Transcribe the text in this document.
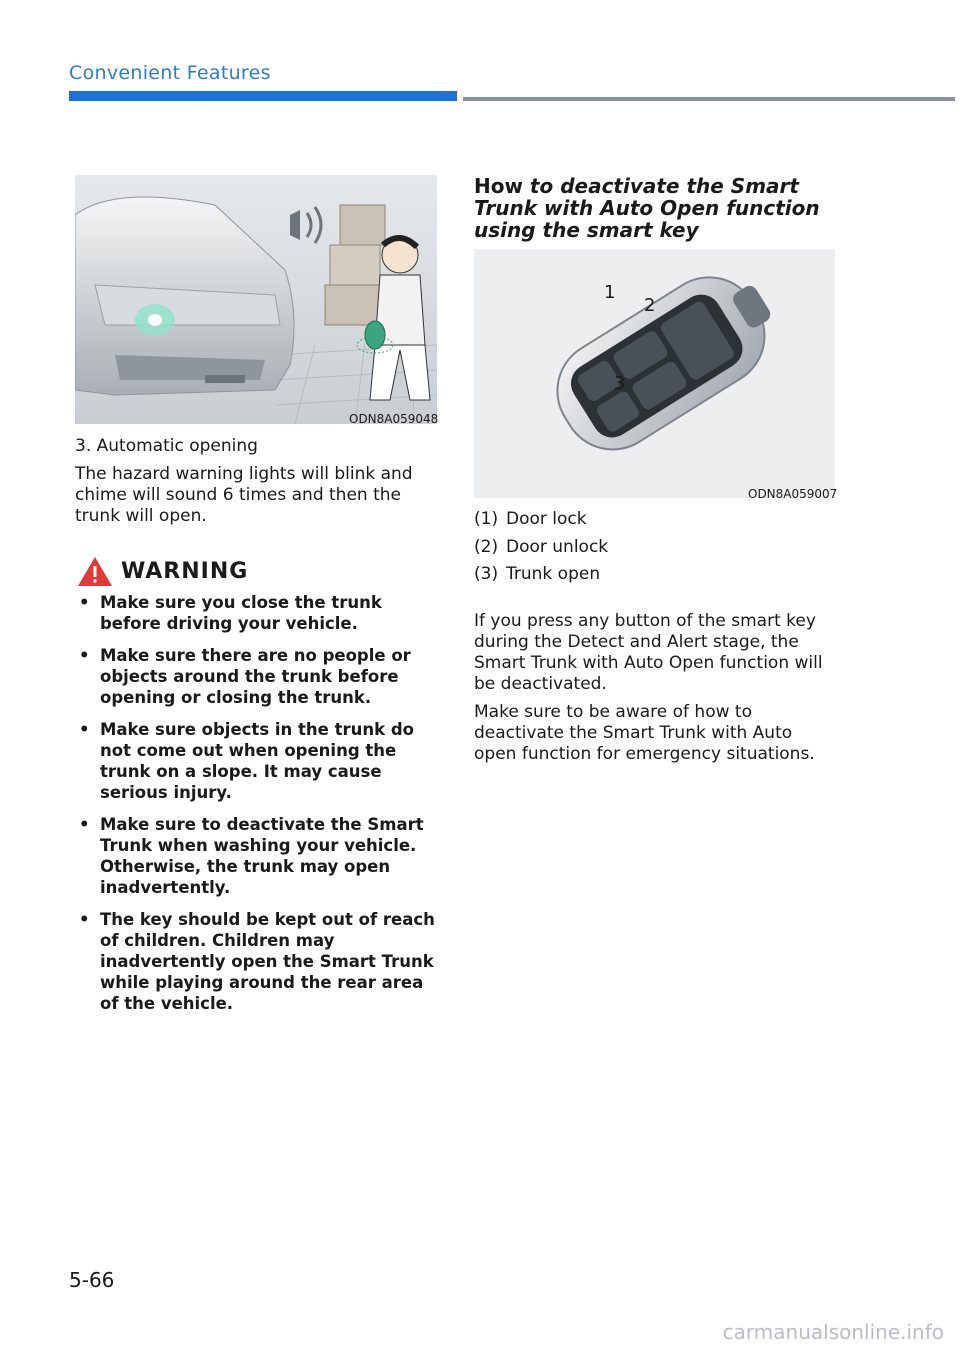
Convenient Features
ODN8A059048
3. Automatic opening
The hazard warning lights will blink and chime will sound 6 times and then the trunk will open.
WARNING
• Make sure you close the trunk before driving your vehicle.
• Make sure there are no people or objects around the trunk before opening or closing the trunk.
• Make sure objects in the trunk do not come out when opening the trunk on a slope. It may cause serious injury.
• Make sure to deactivate the Smart Trunk when washing your vehicle. Otherwise, the trunk may open inadvertently.
• The key should be kept out of reach of children. Children may inadvertently open the Smart Trunk while playing around the rear area of the vehicle.
How to deactivate the Smart Trunk with Auto Open function using the smart key
1
2
3
ODN8A059007
(1) Door lock
(2) Door unlock
(3) Trunk open
If you press any button of the smart key during the Detect and Alert stage, the Smart Trunk with Auto Open function will be deactivated.
Make sure to be aware of how to deactivate the Smart Trunk with Auto open function for emergency situations.
5-66
carmanualsonline.info
